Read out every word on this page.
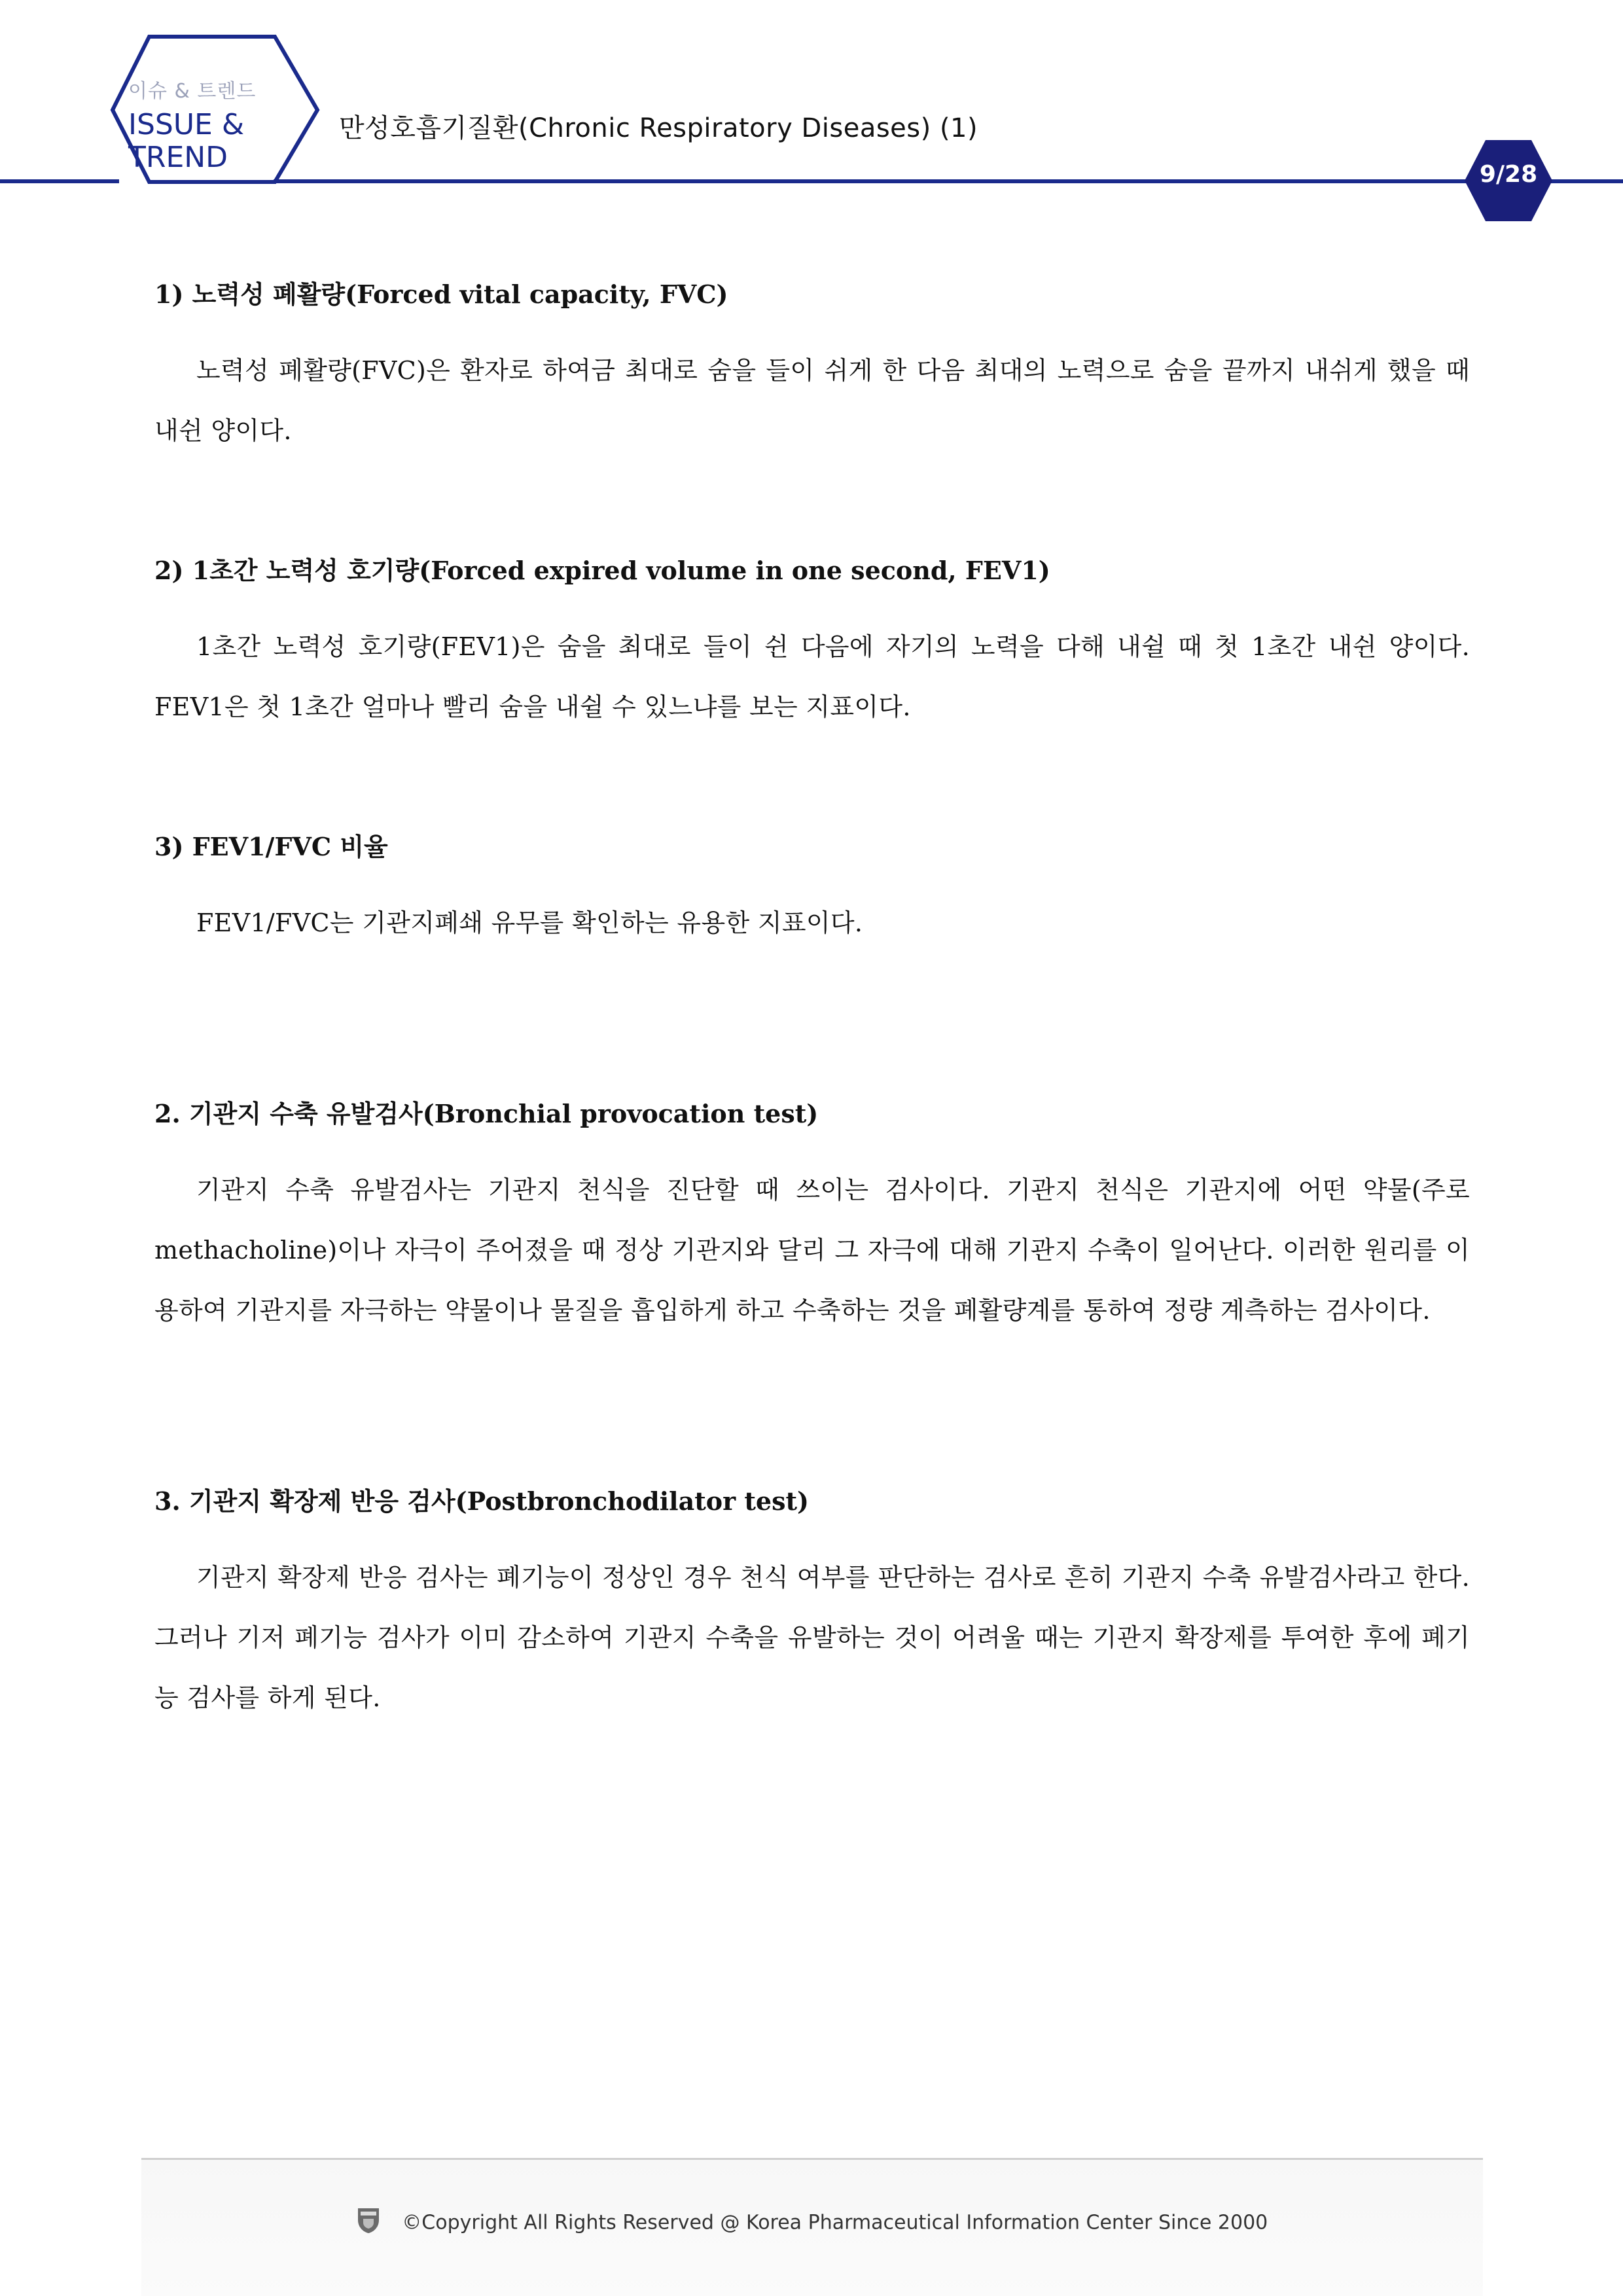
이슈 & 트렌드
ISSUE &
TREND
만성호흡기질환(Chronic Respiratory Diseases) (1)
9/28
1) 노력성 폐활량(Forced vital capacity, FVC)

노력성 폐활량(FVC)은 환자로 하여금 최대로 숨을 들이 쉬게 한 다음 최대의 노력으로 숨을 끝까지 내쉬게 했을 때 내쉰 양이다.

2) 1초간 노력성 호기량(Forced expired volume in one second, FEV1)

1초간 노력성 호기량(FEV1)은 숨을 최대로 들이 쉰 다음에 자기의 노력을 다해 내쉴 때 첫 1초간 내쉰 양이다. FEV1은 첫 1초간 얼마나 빨리 숨을 내쉴 수 있느냐를 보는 지표이다.

3) FEV1/FVC 비율

FEV1/FVC는 기관지폐쇄 유무를 확인하는 유용한 지표이다.

2. 기관지 수축 유발검사(Bronchial provocation test)

기관지 수축 유발검사는 기관지 천식을 진단할 때 쓰이는 검사이다. 기관지 천식은 기관지에 어떤 약물(주로 methacholine)이나 자극이 주어졌을 때 정상 기관지와 달리 그 자극에 대해 기관지 수축이 일어난다. 이러한 원리를 이용하여 기관지를 자극하는 약물이나 물질을 흡입하게 하고 수축하는 것을 폐활량계를 통하여 정량 계측하는 검사이다.

3. 기관지 확장제 반응 검사(Postbronchodilator test)

기관지 확장제 반응 검사는 폐기능이 정상인 경우 천식 여부를 판단하는 검사로 흔히 기관지 수축 유발검사라고 한다. 그러나 기저 폐기능 검사가 이미 감소하여 기관지 수축을 유발하는 것이 어려울 때는 기관지 확장제를 투여한 후에 폐기능 검사를 하게 된다.

©Copyright All Rights Reserved @ Korea Pharmaceutical Information Center Since 2000
